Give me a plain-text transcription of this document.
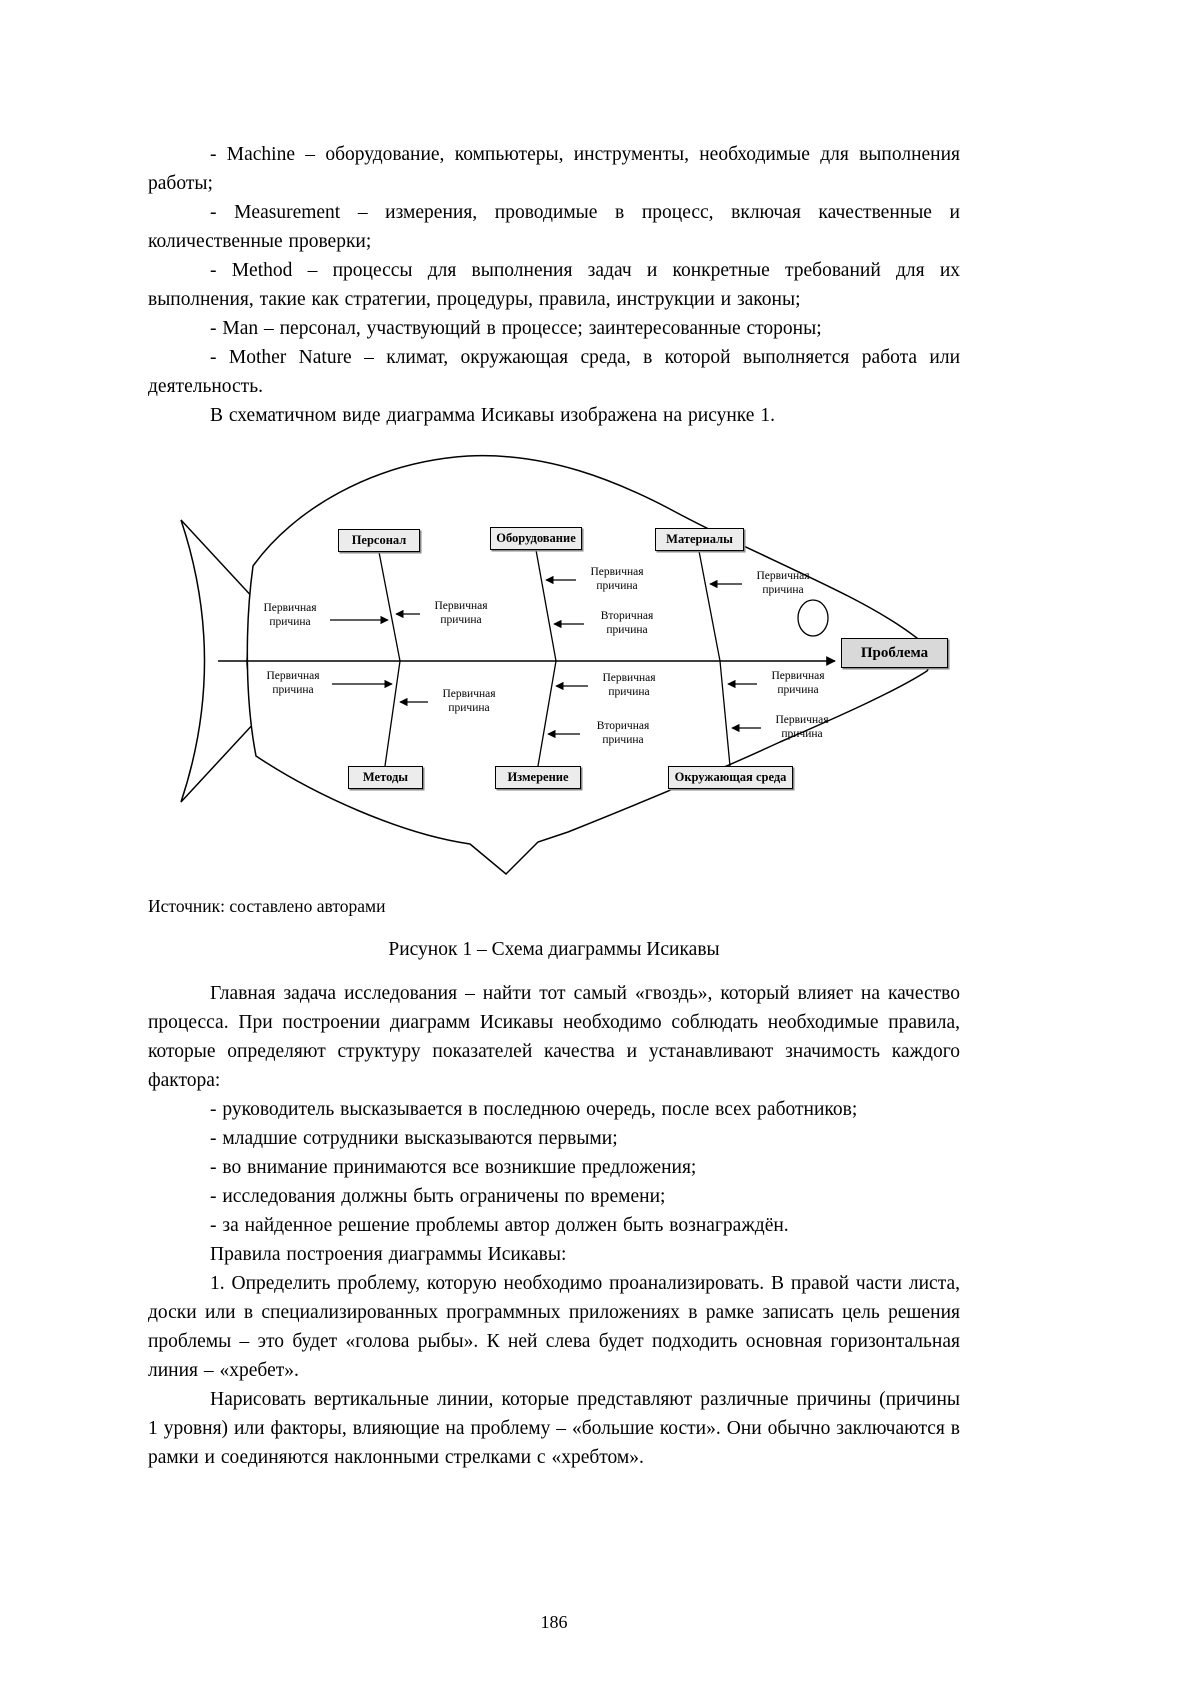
- Machine – оборудование, компьютеры, инструменты, необходимые для выполнения работы;

- Measurement – измерения, проводимые в процесс, включая качественные и количественные проверки;

- Method – процессы для выполнения задач и конкретные требований для их выполнения, такие как стратегии, процедуры, правила, инструкции и законы;

- Man – персонал, участвующий в процессе; заинтересованные стороны;

- Mother Nature – климат, окружающая среда, в которой выполняется работа или деятельность.

В схематичном виде диаграмма Исикавы изображена на рисунке 1.

Персонал	Оборудование	Материалы
Методы	Измерение	Окружающая среда
Проблема
Первичная причина
Первичная причина
Первичная причина
Вторичная причина
Первичная причина
Первичная причина	Первичная причина
Первичная причина
Вторичная причина
Первичная причина
Первичная причина

Источник: составлено авторами

Рисунок 1 – Схема диаграммы Исикавы

Главная задача исследования – найти тот самый «гвоздь», который влияет на качество процесса. При построении диаграмм Исикавы необходимо соблюдать необходимые правила, которые определяют структуру показателей качества и устанавливают значимость каждого фактора:

- руководитель высказывается в последнюю очередь, после всех работников;

- младшие сотрудники высказываются первыми;

- во внимание принимаются все возникшие предложения;

- исследования должны быть ограничены по времени;

- за найденное решение проблемы автор должен быть вознаграждён.

Правила построения диаграммы Исикавы:

1. Определить проблему, которую необходимо проанализировать. В правой части листа, доски или в специализированных программных приложениях в рамке записать цель решения проблемы – это будет «голова рыбы». К ней слева будет подходить основная горизонтальная линия – «хребет».

Нарисовать вертикальные линии, которые представляют различные причины (причины 1 уровня) или факторы, влияющие на проблему – «большие кости». Они обычно заключаются в рамки и соединяются наклонными стрелками с «хребтом».

186
